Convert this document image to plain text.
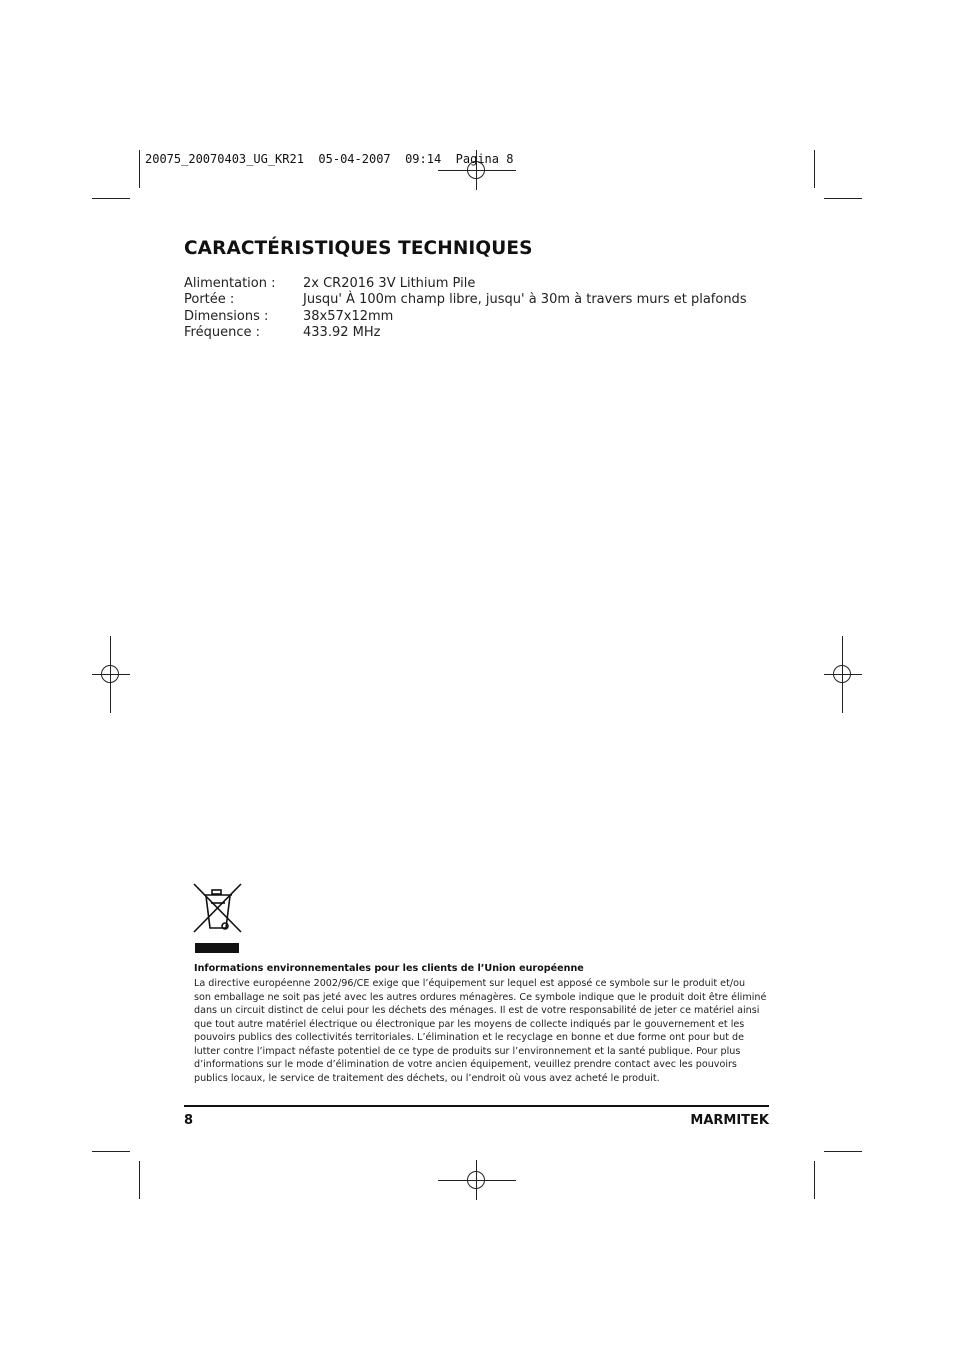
20075_20070403_UG_KR21  05-04-2007  09:14  Pagina 8
CARACTÉRISTIQUES TECHNIQUES
Alimentation : 2x CR2016 3V Lithium Pile
Portée :	Jusqu' À 100m champ libre, jusqu' à 30m à travers murs et plafonds
Dimensions :	38x57x12mm
Fréquence :	433.92 MHz
Informations environnementales pour les clients de l’Union européenne
La directive européenne 2002/96/CE exige que l’équipement sur lequel est apposé ce symbole sur le produit et/ou
son emballage ne soit pas jeté avec les autres ordures ménagères. Ce symbole indique que le produit doit être éliminé
dans un circuit distinct de celui pour les déchets des ménages. Il est de votre responsabilité de jeter ce matériel ainsi
que tout autre matériel électrique ou électronique par les moyens de collecte indiqués par le gouvernement et les
pouvoirs publics des collectivités territoriales. L’élimination et le recyclage en bonne et due forme ont pour but de
lutter contre l’impact néfaste potentiel de ce type de produits sur l’environnement et la santé publique. Pour plus
d’informations sur le mode d’élimination de votre ancien équipement, veuillez prendre contact avec les pouvoirs
publics locaux, le service de traitement des déchets, ou l’endroit où vous avez acheté le produit.
8	MARMITEK
